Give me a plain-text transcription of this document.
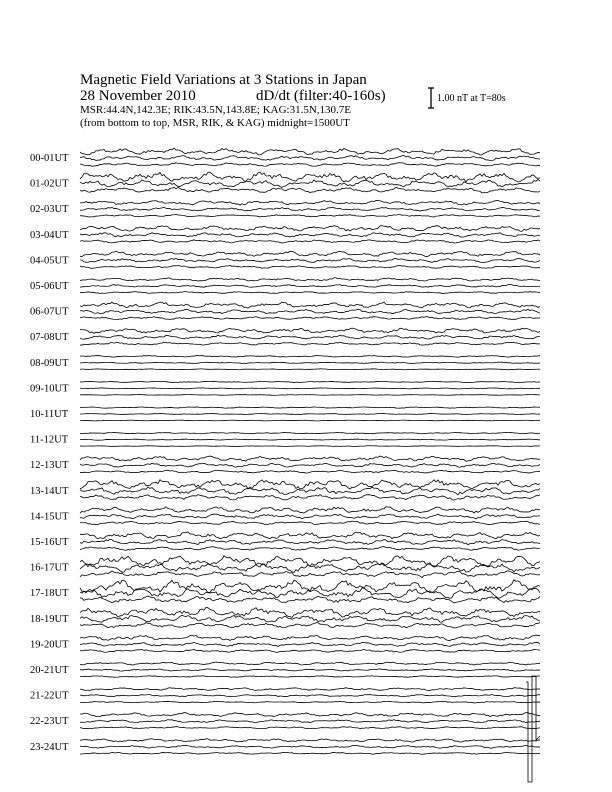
Magnetic Field Variations at 3 Stations in Japan
28 November 2010	dD/dt (filter:40-160s)
MSR:44.4N,142.3E; RIK:43.5N,143.8E; KAG:31.5N,130.7E
(from bottom to top, MSR, RIK, & KAG) midnight=1500UT
1.00 nT at T=80s
00-01UT
01-02UT
02-03UT
03-04UT
04-05UT
05-06UT
06-07UT
07-08UT
08-09UT
09-10UT
10-11UT
11-12UT
12-13UT
13-14UT
14-15UT
15-16UT
16-17UT
17-18UT
18-19UT
19-20UT
20-21UT
21-22UT
22-23UT
23-24UT
